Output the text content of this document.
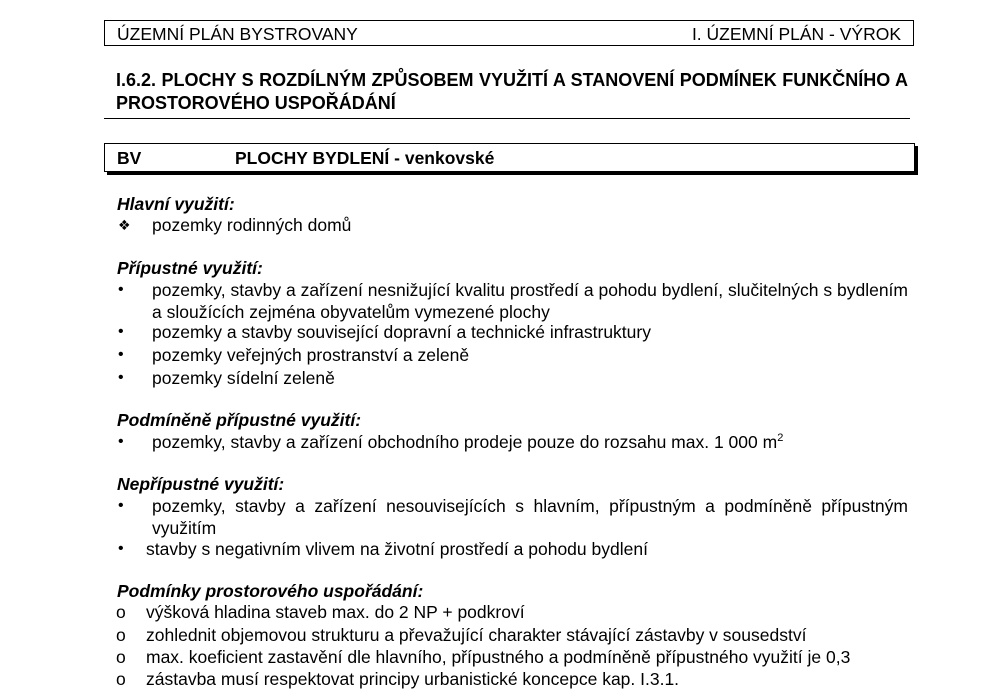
ÚZEMNÍ PLÁN BYSTROVANY	I. ÚZEMNÍ PLÁN - VÝROK
I.6.2. PLOCHY S ROZDÍLNÝM ZPŮSOBEM VYUŽITÍ A STANOVENÍ PODMÍNEK FUNKČNÍHO A PROSTOROVÉHO USPOŘÁDÁNÍ
BV	PLOCHY BYDLENÍ - venkovské
Hlavní využití:
❖	pozemky rodinných domů
Přípustné využití:
•	pozemky, stavby a zařízení nesnižující kvalitu prostředí a pohodu bydlení, slučitelných s bydlením a sloužících zejména obyvatelům vymezené plochy
•	pozemky a stavby související dopravní a technické infrastruktury
•	pozemky veřejných prostranství a zeleně
•	pozemky sídelní zeleně
Podmíněně přípustné využití:
•	pozemky, stavby a zařízení obchodního prodeje pouze do rozsahu max. 1 000 $m^2$
Nepřípustné využití:
•	pozemky, stavby a zařízení nesouvisejících s hlavním, přípustným a podmíněně přípustným využitím
•	stavby s negativním vlivem na životní prostředí a pohodu bydlení
Podmínky prostorového uspořádání:
o	výšková hladina staveb max. do 2 NP + podkroví
o	zohlednit objemovou strukturu a převažující charakter stávající zástavby v sousedství
o	max. koeficient zastavění dle hlavního, přípustného a podmíněně přípustného využití je 0,3
o	zástavba musí respektovat principy urbanistické koncepce kap. I.3.1.
